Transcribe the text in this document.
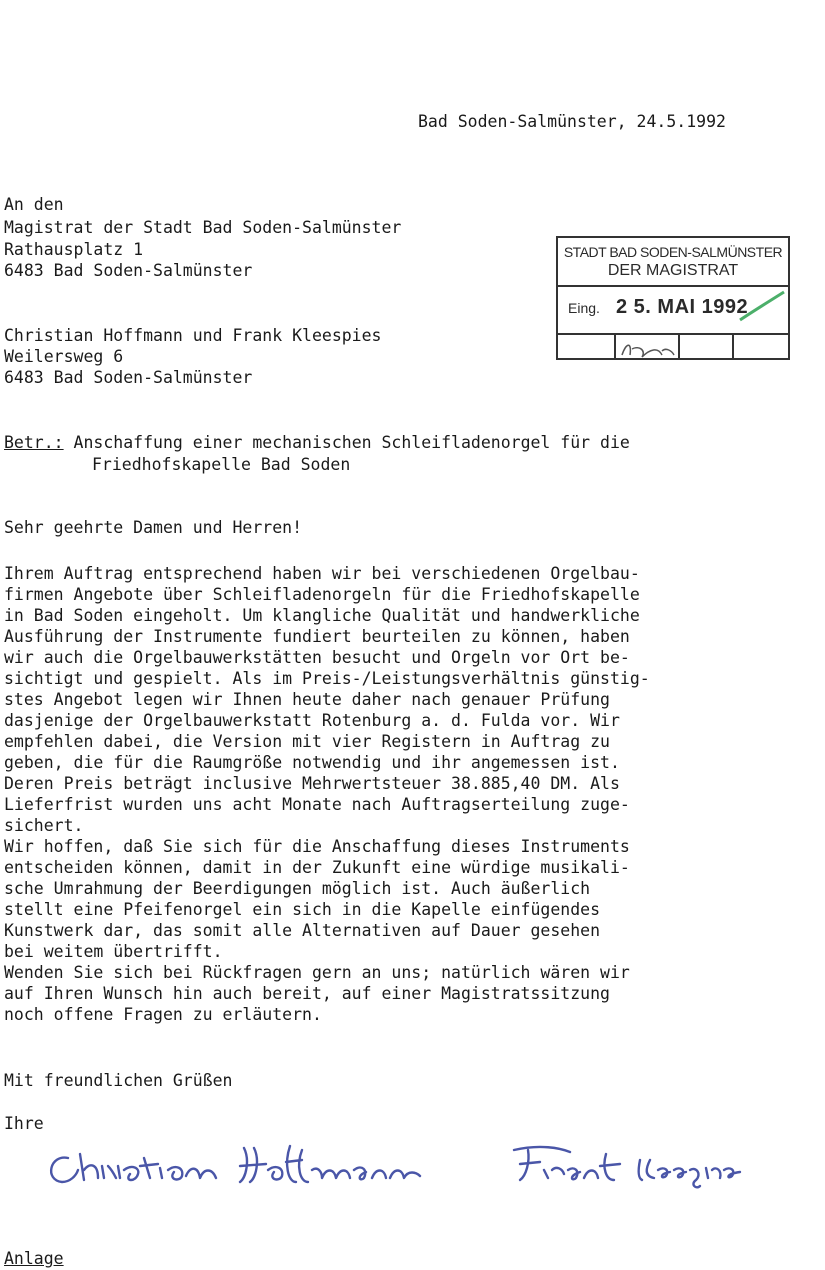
Bad Soden-Salmünster, 24.5.1992
An den
Magistrat der Stadt Bad Soden-Salmünster
Rathausplatz 1
6483 Bad Soden-Salmünster
STADT BAD SODEN-SALMÜNSTER
DER MAGISTRAT
Eing. 2 5. MAI 1992
Christian Hoffmann und Frank Kleespies
Weilersweg 6
6483 Bad Soden-Salmünster
Betr.: Anschaffung einer mechanischen Schleifladenorgel für die
Friedhofskapelle Bad Soden
Sehr geehrte Damen und Herren!
Ihrem Auftrag entsprechend haben wir bei verschiedenen Orgelbau-
firmen Angebote über Schleifladenorgeln für die Friedhofskapelle
in Bad Soden eingeholt. Um klangliche Qualität und handwerkliche
Ausführung der Instrumente fundiert beurteilen zu können, haben
wir auch die Orgelbauwerkstätten besucht und Orgeln vor Ort be-
sichtigt und gespielt. Als im Preis-/Leistungsverhältnis günstig-
stes Angebot legen wir Ihnen heute daher nach genauer Prüfung
dasjenige der Orgelbauwerkstatt Rotenburg a. d. Fulda vor. Wir
empfehlen dabei, die Version mit vier Registern in Auftrag zu
geben, die für die Raumgröße notwendig und ihr angemessen ist.
Deren Preis beträgt inclusive Mehrwertsteuer 38.885,40 DM. Als
Lieferfrist wurden uns acht Monate nach Auftragserteilung zuge-
sichert.
Wir hoffen, daß Sie sich für die Anschaffung dieses Instruments
entscheiden können, damit in der Zukunft eine würdige musikali-
sche Umrahmung der Beerdigungen möglich ist. Auch äußerlich
stellt eine Pfeifenorgel ein sich in die Kapelle einfügendes
Kunstwerk dar, das somit alle Alternativen auf Dauer gesehen
bei weitem übertrifft.
Wenden Sie sich bei Rückfragen gern an uns; natürlich wären wir
auf Ihren Wunsch hin auch bereit, auf einer Magistratssitzung
noch offene Fragen zu erläutern.
Mit freundlichen Grüßen
Ihre
Anlage
